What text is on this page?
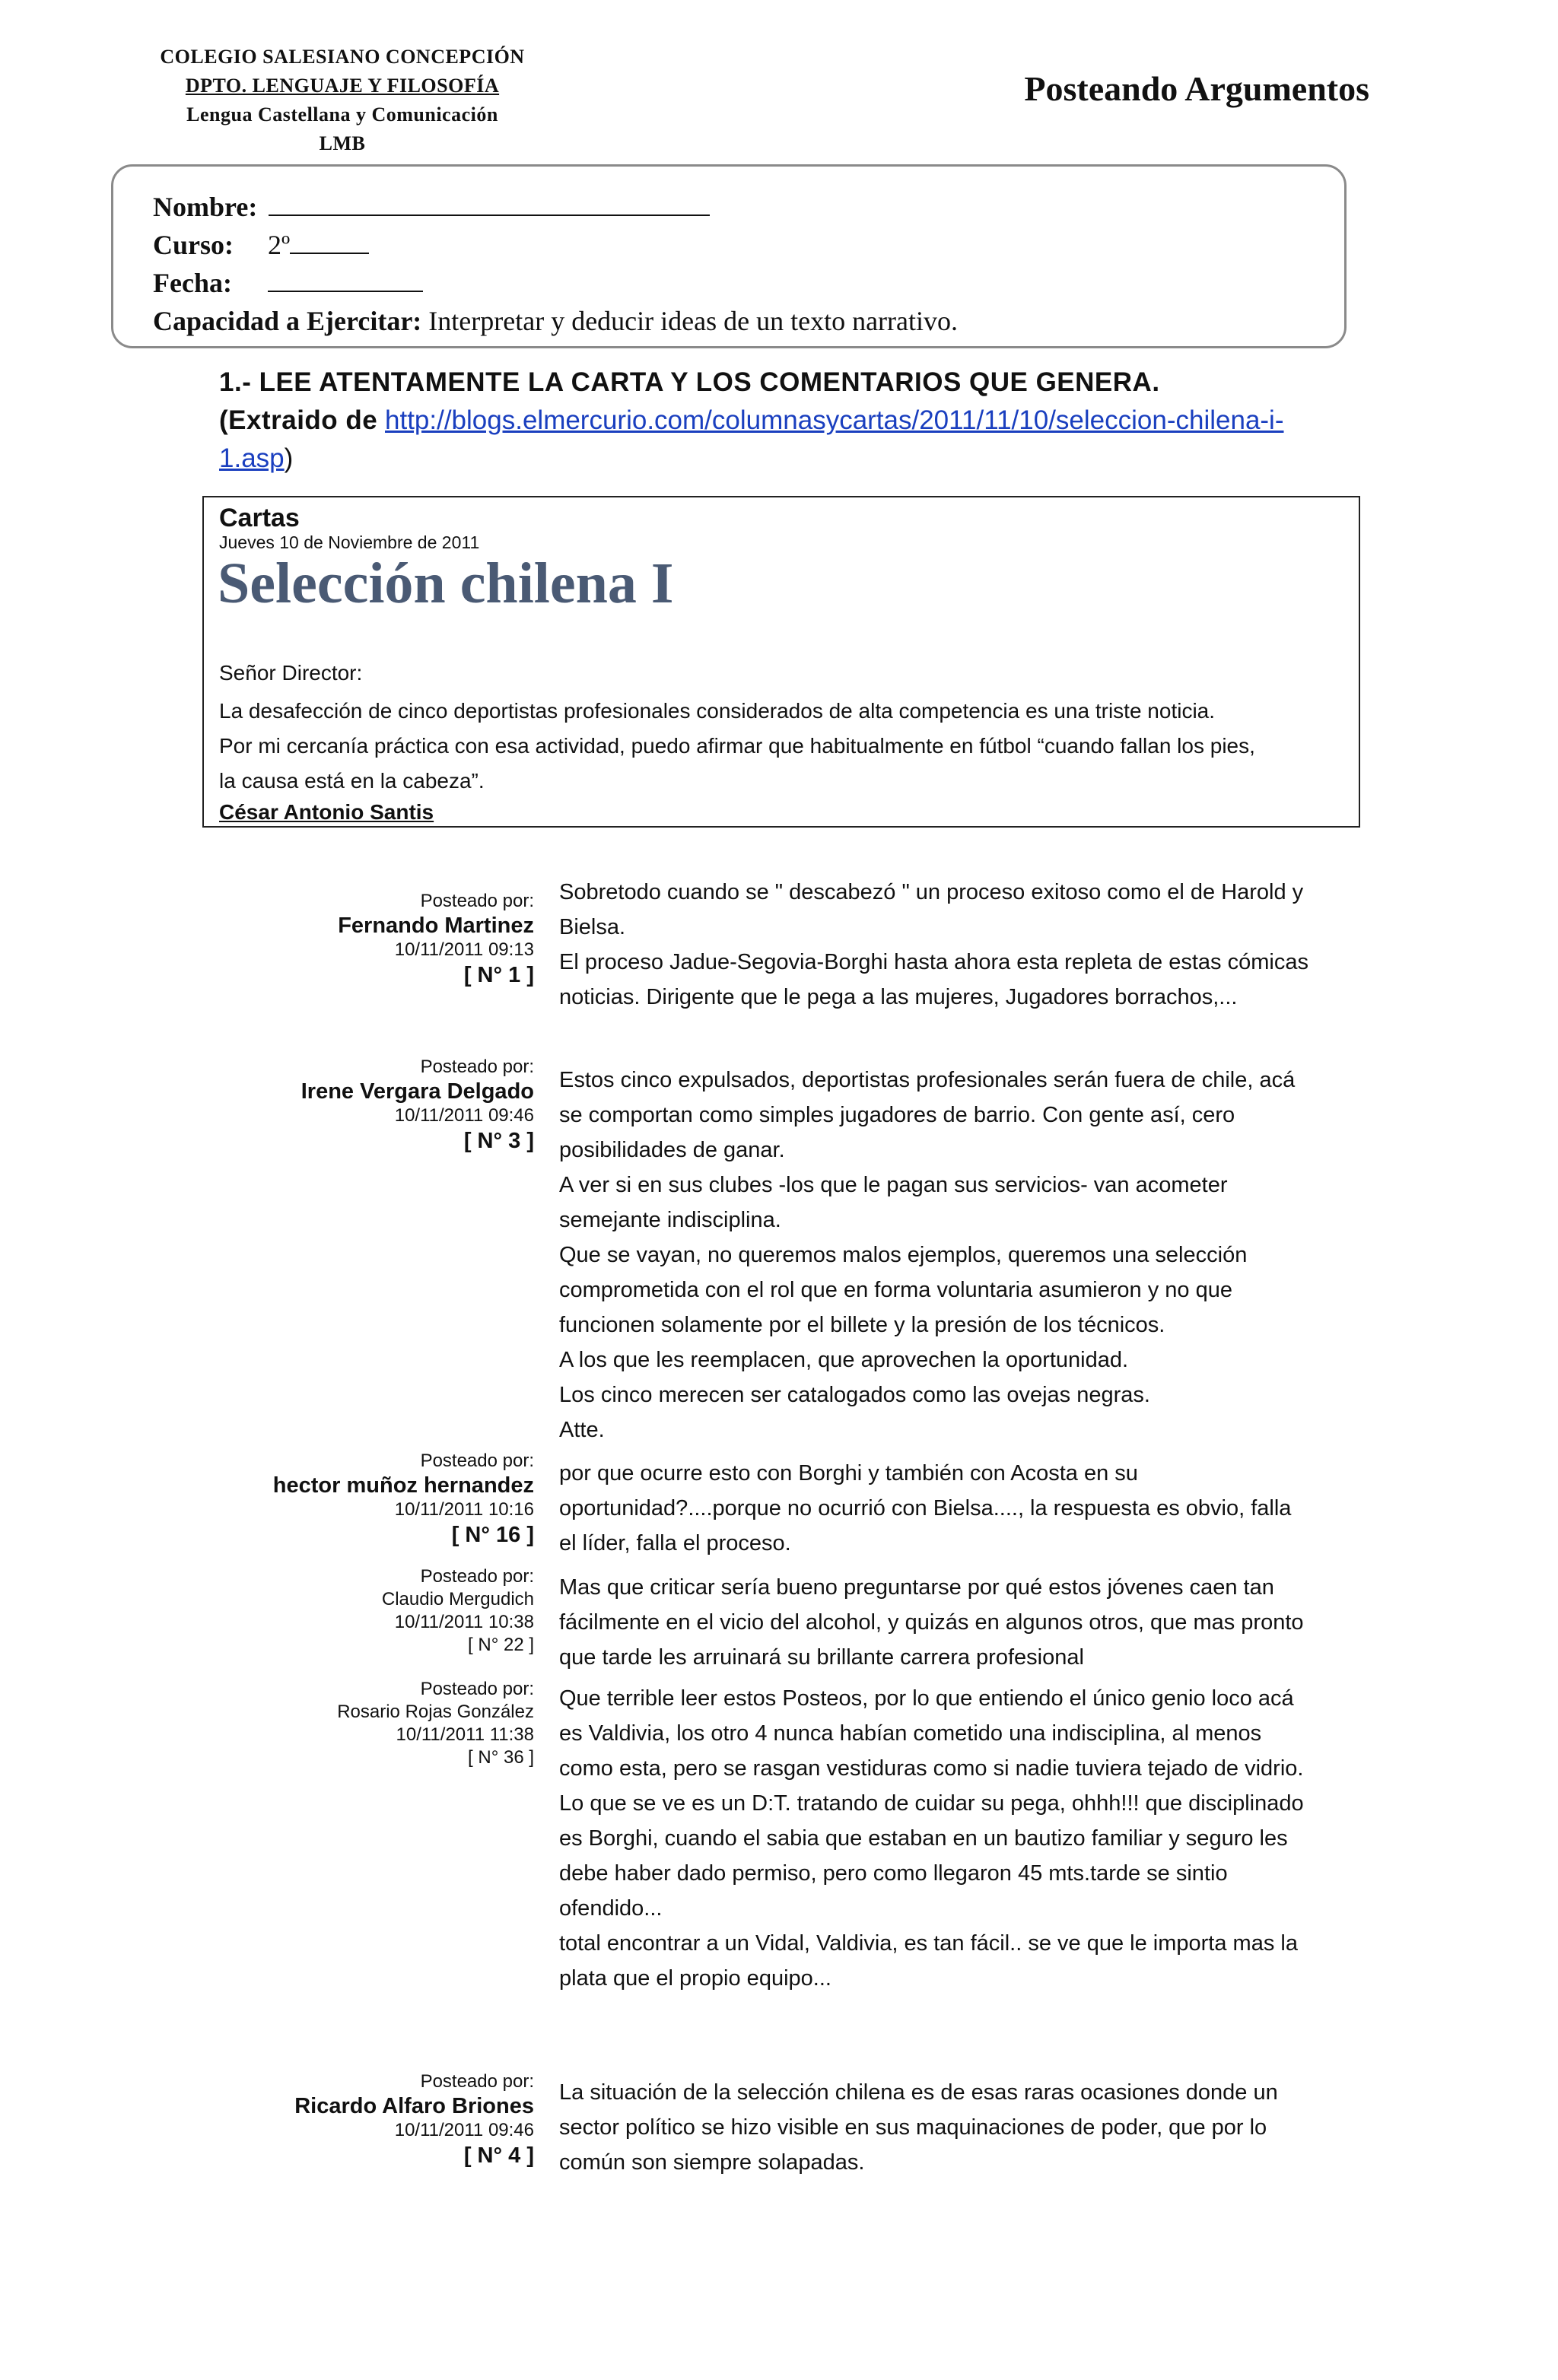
COLEGIO SALESIANO CONCEPCIÓN
DPTO. LENGUAJE Y FILOSOFÍA
Lengua Castellana y Comunicación
LMB
Posteando Argumentos
Nombre:
Curso: 2º
Fecha:
Capacidad a Ejercitar: Interpretar y deducir ideas de un texto narrativo.
1.- LEE ATENTAMENTE LA CARTA Y LOS COMENTARIOS QUE GENERA.
(Extraido de http://blogs.elmercurio.com/columnasycartas/2011/11/10/seleccion-chilena-i-
1.asp)
Cartas
Jueves 10 de Noviembre de 2011
Selección chilena I
Señor Director:
La desafección de cinco deportistas profesionales considerados de alta competencia es una triste noticia.
Por mi cercanía práctica con esa actividad, puedo afirmar que habitualmente en fútbol “cuando fallan los pies,
la causa está en la cabeza”.
César Antonio Santis
Posteado por:
Fernando Martinez
10/11/2011 09:13
[ N° 1 ]
Sobretodo cuando se " descabezó " un proceso exitoso como el de Harold y
Bielsa.
El proceso Jadue-Segovia-Borghi hasta ahora esta repleta de estas cómicas
noticias. Dirigente que le pega a las mujeres, Jugadores borrachos,...
Posteado por:
Irene Vergara Delgado
10/11/2011 09:46
[ N° 3 ]
Estos cinco expulsados, deportistas profesionales serán fuera de chile, acá
se comportan como simples jugadores de barrio. Con gente así, cero
posibilidades de ganar.
A ver si en sus clubes -los que le pagan sus servicios- van acometer
semejante indisciplina.
Que se vayan, no queremos malos ejemplos, queremos una selección
comprometida con el rol que en forma voluntaria asumieron y no que
funcionen solamente por el billete y la presión de los técnicos.
A los que les reemplacen, que aprovechen la oportunidad.
Los cinco merecen ser catalogados como las ovejas negras.
Atte.
Posteado por:
hector muñoz hernandez
10/11/2011 10:16
[ N° 16 ]
por que ocurre esto con Borghi y también con Acosta en su
oportunidad?....porque no ocurrió con Bielsa...., la respuesta es obvio, falla
el líder, falla el proceso.
Posteado por:
Claudio Mergudich
10/11/2011 10:38
[ N° 22 ]
Mas que criticar sería bueno preguntarse por qué estos jóvenes caen tan
fácilmente en el vicio del alcohol, y quizás en algunos otros, que mas pronto
que tarde les arruinará su brillante carrera profesional
Posteado por:
Rosario Rojas González
10/11/2011 11:38
[ N° 36 ]
Que terrible leer estos Posteos, por lo que entiendo el único genio loco acá
es Valdivia, los otro 4 nunca habían cometido una indisciplina, al menos
como esta, pero se rasgan vestiduras como si nadie tuviera tejado de vidrio.
Lo que se ve es un D:T. tratando de cuidar su pega, ohhh!!! que disciplinado
es Borghi, cuando el sabia que estaban en un bautizo familiar y seguro les
debe haber dado permiso, pero como llegaron 45 mts.tarde se sintio
ofendido...
total encontrar a un Vidal, Valdivia, es tan fácil.. se ve que le importa mas la
plata que el propio equipo...
Posteado por:
Ricardo Alfaro Briones
10/11/2011 09:46
[ N° 4 ]
La situación de la selección chilena es de esas raras ocasiones donde un
sector político se hizo visible en sus maquinaciones de poder, que por lo
común son siempre solapadas.
